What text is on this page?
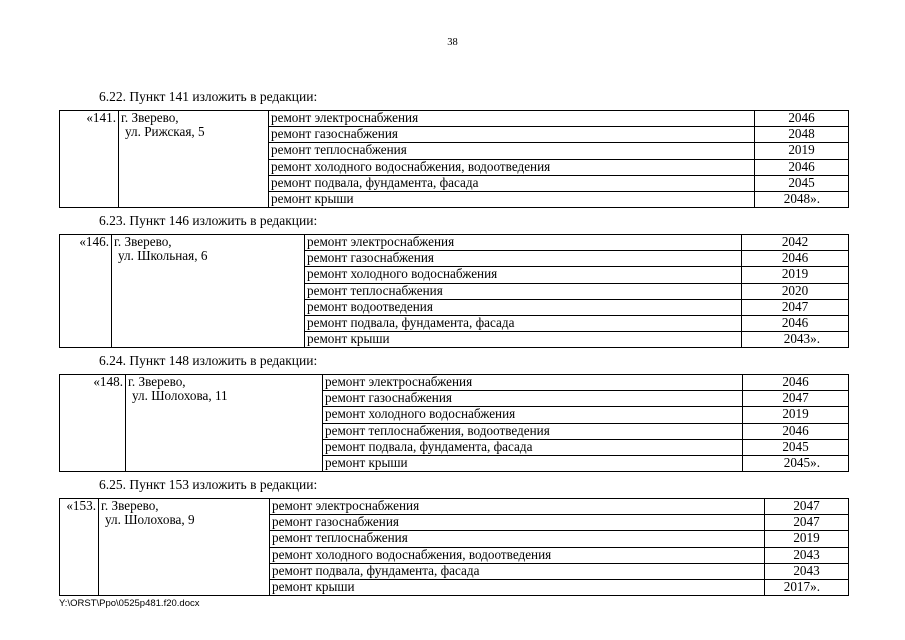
38
6.22. Пункт 141 изложить в редакции:
«141.	г. Зверево,
ул. Рижская, 5	ремонт электроснабжения	2046
		ремонт газоснабжения	2048
		ремонт теплоснабжения	2019
		ремонт холодного водоснабжения, водоотведения	2046
		ремонт подвала, фундамента, фасада	2045
		ремонт крыши	2048».
6.23. Пункт 146 изложить в редакции:
«146.	г. Зверево,
ул. Школьная, 6	ремонт электроснабжения	2042
		ремонт газоснабжения	2046
		ремонт холодного водоснабжения	2019
		ремонт теплоснабжения	2020
		ремонт водоотведения	2047
		ремонт подвала, фундамента, фасада	2046
		ремонт крыши	2043».
6.24. Пункт 148 изложить в редакции:
«148.	г. Зверево,
ул. Шолохова, 11	ремонт электроснабжения	2046
		ремонт газоснабжения	2047
		ремонт холодного водоснабжения	2019
		ремонт теплоснабжения, водоотведения	2046
		ремонт подвала, фундамента, фасада	2045
		ремонт крыши	2045».
6.25. Пункт 153 изложить в редакции:
«153.	г. Зверево,
ул. Шолохова, 9	ремонт электроснабжения	2047
		ремонт газоснабжения	2047
		ремонт теплоснабжения	2019
		ремонт холодного водоснабжения, водоотведения	2043
		ремонт подвала, фундамента, фасада	2043
		ремонт крыши	2017».
Y:\ORST\Ppo\0525p481.f20.docx
